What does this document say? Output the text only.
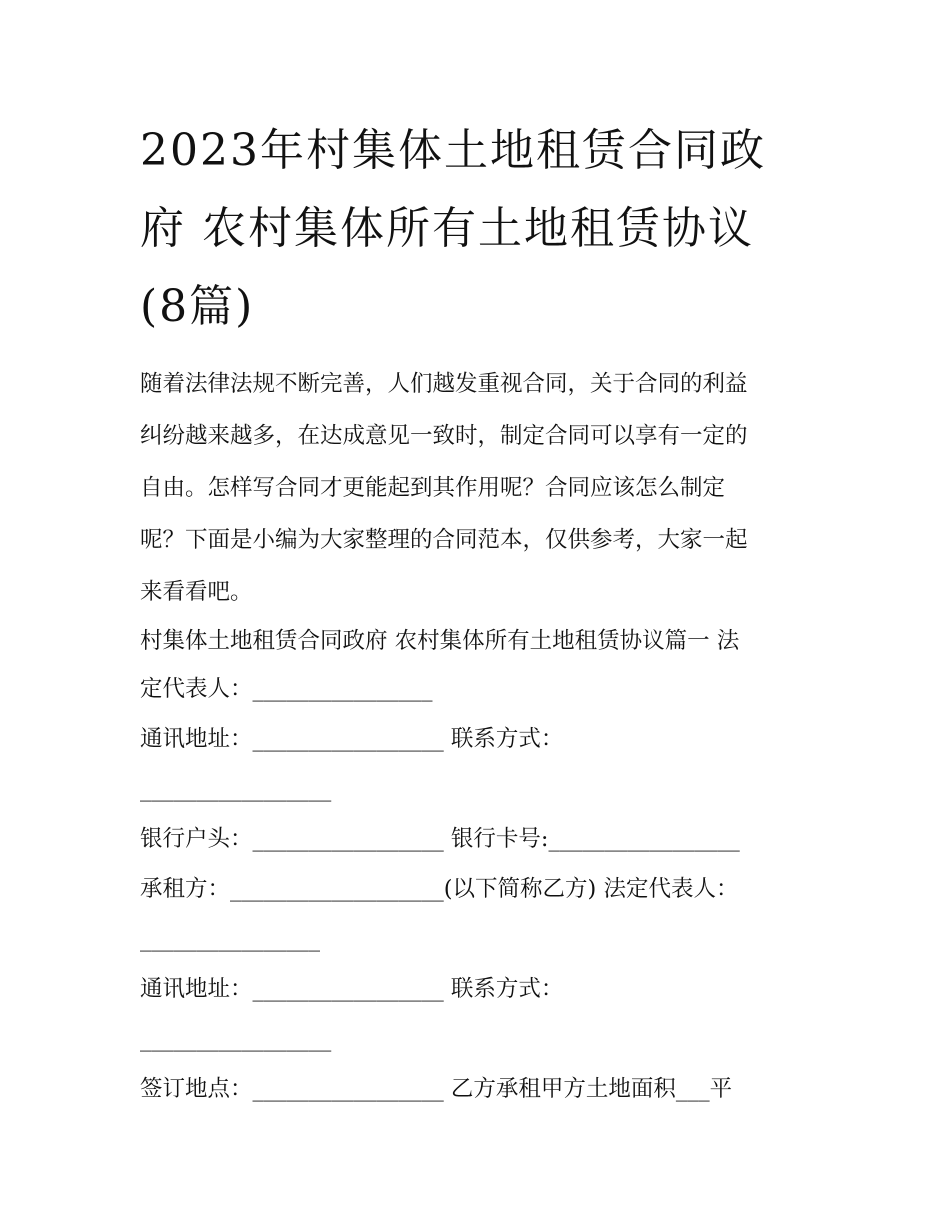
2023年村集体土地租赁合同政
府 农村集体所有土地租赁协议
(8篇)
随着法律法规不断完善，人们越发重视合同，关于合同的利益
纠纷越来越多，在达成意见一致时，制定合同可以享有一定的
自由。怎样写合同才更能起到其作用呢？合同应该怎么制定
呢？下面是小编为大家整理的合同范本，仅供参考，大家一起
来看看吧。
村集体土地租赁合同政府 农村集体所有土地租赁协议篇一 法
定代表人：________________
通讯地址：_________________ 联系方式：
_________________
银行户头：_________________ 银行卡号:_________________
承租方：___________________(以下简称乙方) 法定代表人：
________________
通讯地址：_________________ 联系方式：
_________________
签订地点：_________________ 乙方承租甲方土地面积___平
